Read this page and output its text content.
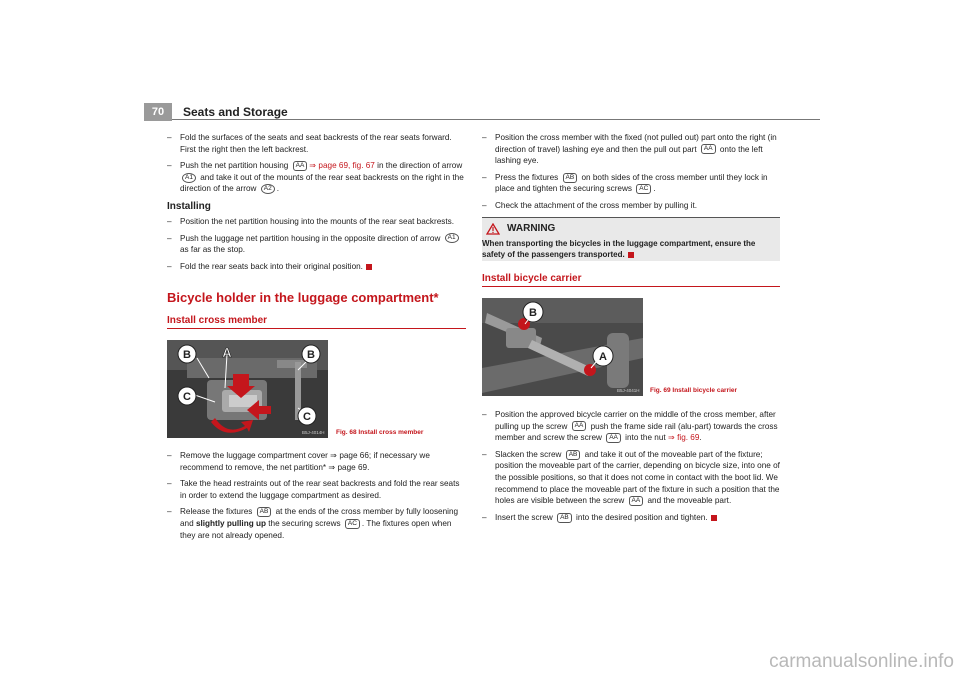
70	Seats and Storage
– Fold the surfaces of the seats and seat backrests of the rear seats forward. First the right then the left backrest.
– Push the net partition housing AA ⇒ page 69, fig. 67 in the direction of arrow A1 and take it out of the mounts of the rear seat backrests on the right in the direction of the arrow A2 .
Installing
– Position the net partition housing into the mounts of the rear seat backrests.
– Push the luggage net partition housing in the opposite direction of arrow A1 as far as the stop.
– Fold the rear seats back into their original position.
Bicycle holder in the luggage compartment*
Install cross member
B A	B
C
C
B5J-4014H Fig. 68 Install cross member
– Remove the luggage compartment cover ⇒ page 66; if necessary we recommend to remove, the net partition* ⇒ page 69.
– Take the head restraints out of the rear seat backrests and fold the rear seats in order to extend the luggage compartment as desired.
– Release the fixtures AB at the ends of the cross member by fully loosening and slightly pulling up the securing screws AC . The fixtures open when they are not already opened.
– Position the cross member with the fixed (not pulled out) part onto the right (in direction of travel) lashing eye and then the pull out part AA onto the left lashing eye.
– Press the fixtures AB on both sides of the cross member until they lock in place and tighten the securing screws AC .
– Check the attachment of the cross member by pulling it.
WARNING
When transporting the bicycles in the luggage compartment, ensure the safety of the passengers transported.
Install bicycle carrier
B
A
B5J-4041H Fig. 69 Install bicycle carrier
– Position the approved bicycle carrier on the middle of the cross member, after pulling up the screw AA push the frame side rail (alu-part) towards the cross member and screw the screw AA into the nut ⇒ fig. 69.
– Slacken the screw AB and take it out of the moveable part of the fixture; position the moveable part of the carrier, depending on bicycle size, into one of the possible positions, so that it does not come in contact with the boot lid. We recommend to place the moveable part of the fixture in such a position that the holes are visible between the screw AA and the moveable part.
– Insert the screw AB into the desired position and tighten.
carmanualsonline.info
